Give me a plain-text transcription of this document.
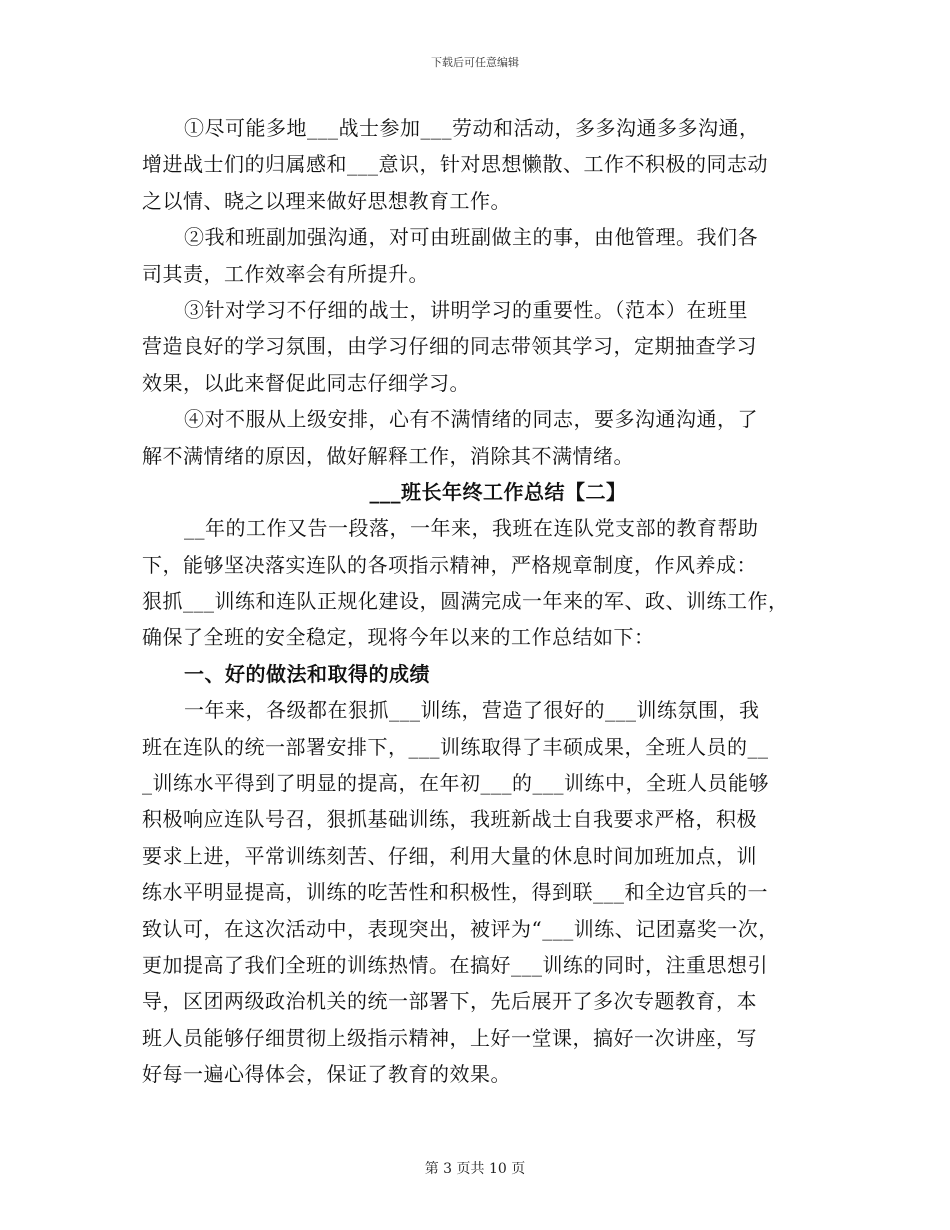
下载后可任意编辑
①尽可能多地___战士参加___劳动和活动，多多沟通多多沟通，
增进战士们的归属感和___意识，针对思想懒散、工作不积极的同志动
之以情、晓之以理来做好思想教育工作。
②我和班副加强沟通，对可由班副做主的事，由他管理。我们各
司其责，工作效率会有所提升。
③针对学习不仔细的战士，讲明学习的重要性。（范本）在班里
营造良好的学习氛围，由学习仔细的同志带领其学习，定期抽查学习
效果，以此来督促此同志仔细学习。
④对不服从上级安排，心有不满情绪的同志，要多沟通沟通，了
解不满情绪的原因，做好解释工作，消除其不满情绪。
___班长年终工作总结【二】
__年的工作又告一段落，一年来，我班在连队党支部的教育帮助
下，能够坚决落实连队的各项指示精神，严格规章制度，作风养成：
狠抓___训练和连队正规化建设，圆满完成一年来的军、政、训练工作，
确保了全班的安全稳定，现将今年以来的工作总结如下：
一、好的做法和取得的成绩
一年来，各级都在狠抓___训练，营造了很好的___训练氛围，我
班在连队的统一部署安排下，___训练取得了丰硕成果，全班人员的__
_训练水平得到了明显的提高，在年初___的___训练中，全班人员能够
积极响应连队号召，狠抓基础训练，我班新战士自我要求严格，积极
要求上进，平常训练刻苦、仔细，利用大量的休息时间加班加点，训
练水平明显提高，训练的吃苦性和积极性，得到联___和全边官兵的一
致认可，在这次活动中，表现突出，被评为“___训练、记团嘉奖一次，
更加提高了我们全班的训练热情。在搞好___训练的同时，注重思想引
导，区团两级政治机关的统一部署下，先后展开了多次专题教育，本
班人员能够仔细贯彻上级指示精神，上好一堂课，搞好一次讲座，写
好每一遍心得体会，保证了教育的效果。
第 3 页共 10 页
